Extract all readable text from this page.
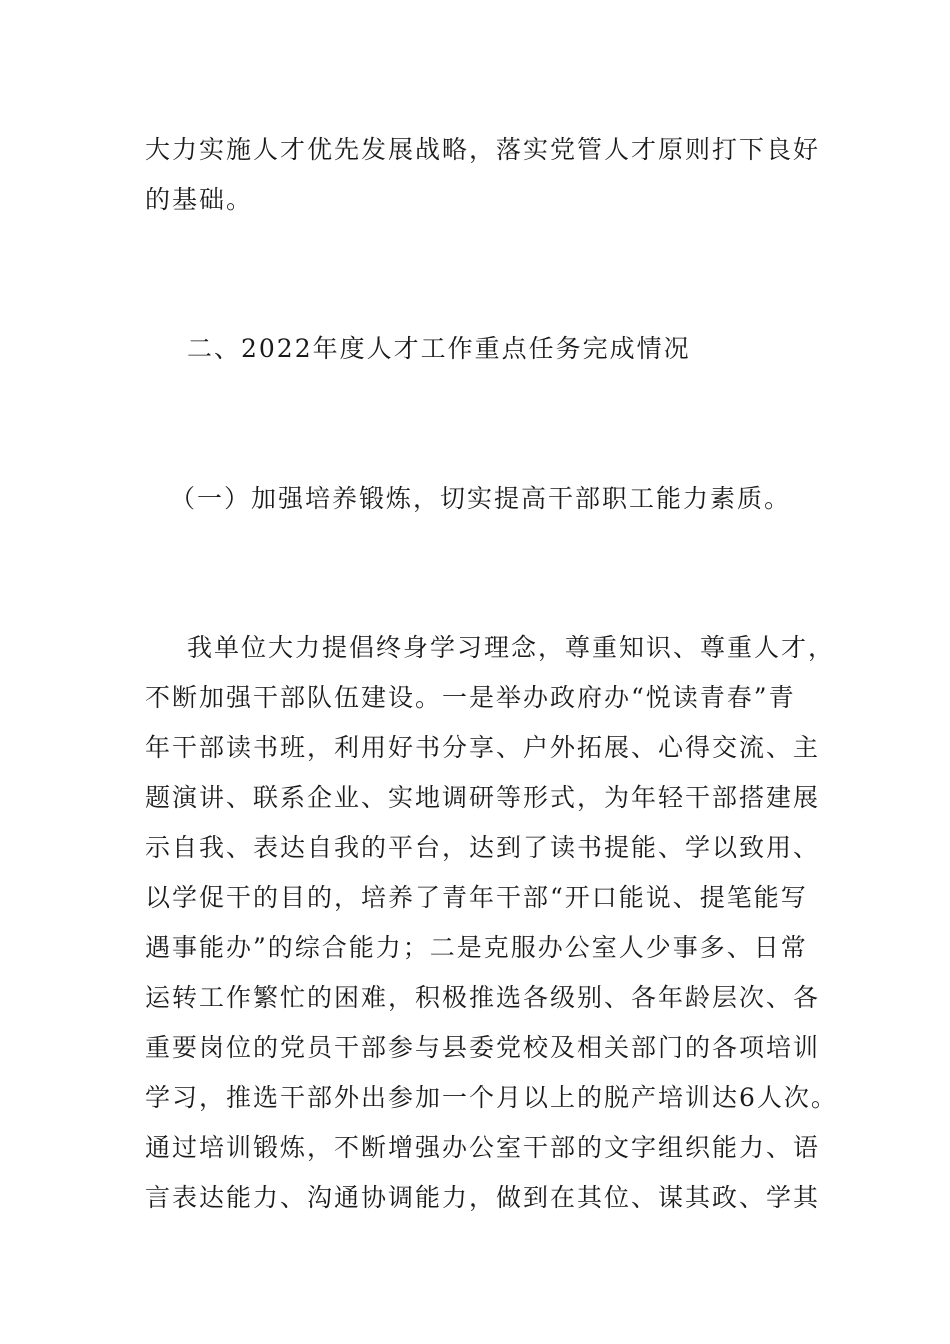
大力实施人才优先发展战略，落实党管人才原则打下良好
的基础。
二、2022年度人才工作重点任务完成情况
（一）加强培养锻炼，切实提高干部职工能力素质。
我单位大力提倡终身学习理念，尊重知识、尊重人才，
不断加强干部队伍建设。一是举办政府办“悦读青春”青
年干部读书班，利用好书分享、户外拓展、心得交流、主
题演讲、联系企业、实地调研等形式，为年轻干部搭建展
示自我、表达自我的平台，达到了读书提能、学以致用、
以学促干的目的，培养了青年干部“开口能说、提笔能写
遇事能办”的综合能力；二是克服办公室人少事多、日常
运转工作繁忙的困难，积极推选各级别、各年龄层次、各
重要岗位的党员干部参与县委党校及相关部门的各项培训
学习，推选干部外出参加一个月以上的脱产培训达6人次。
通过培训锻炼，不断增强办公室干部的文字组织能力、语
言表达能力、沟通协调能力，做到在其位、谋其政、学其
